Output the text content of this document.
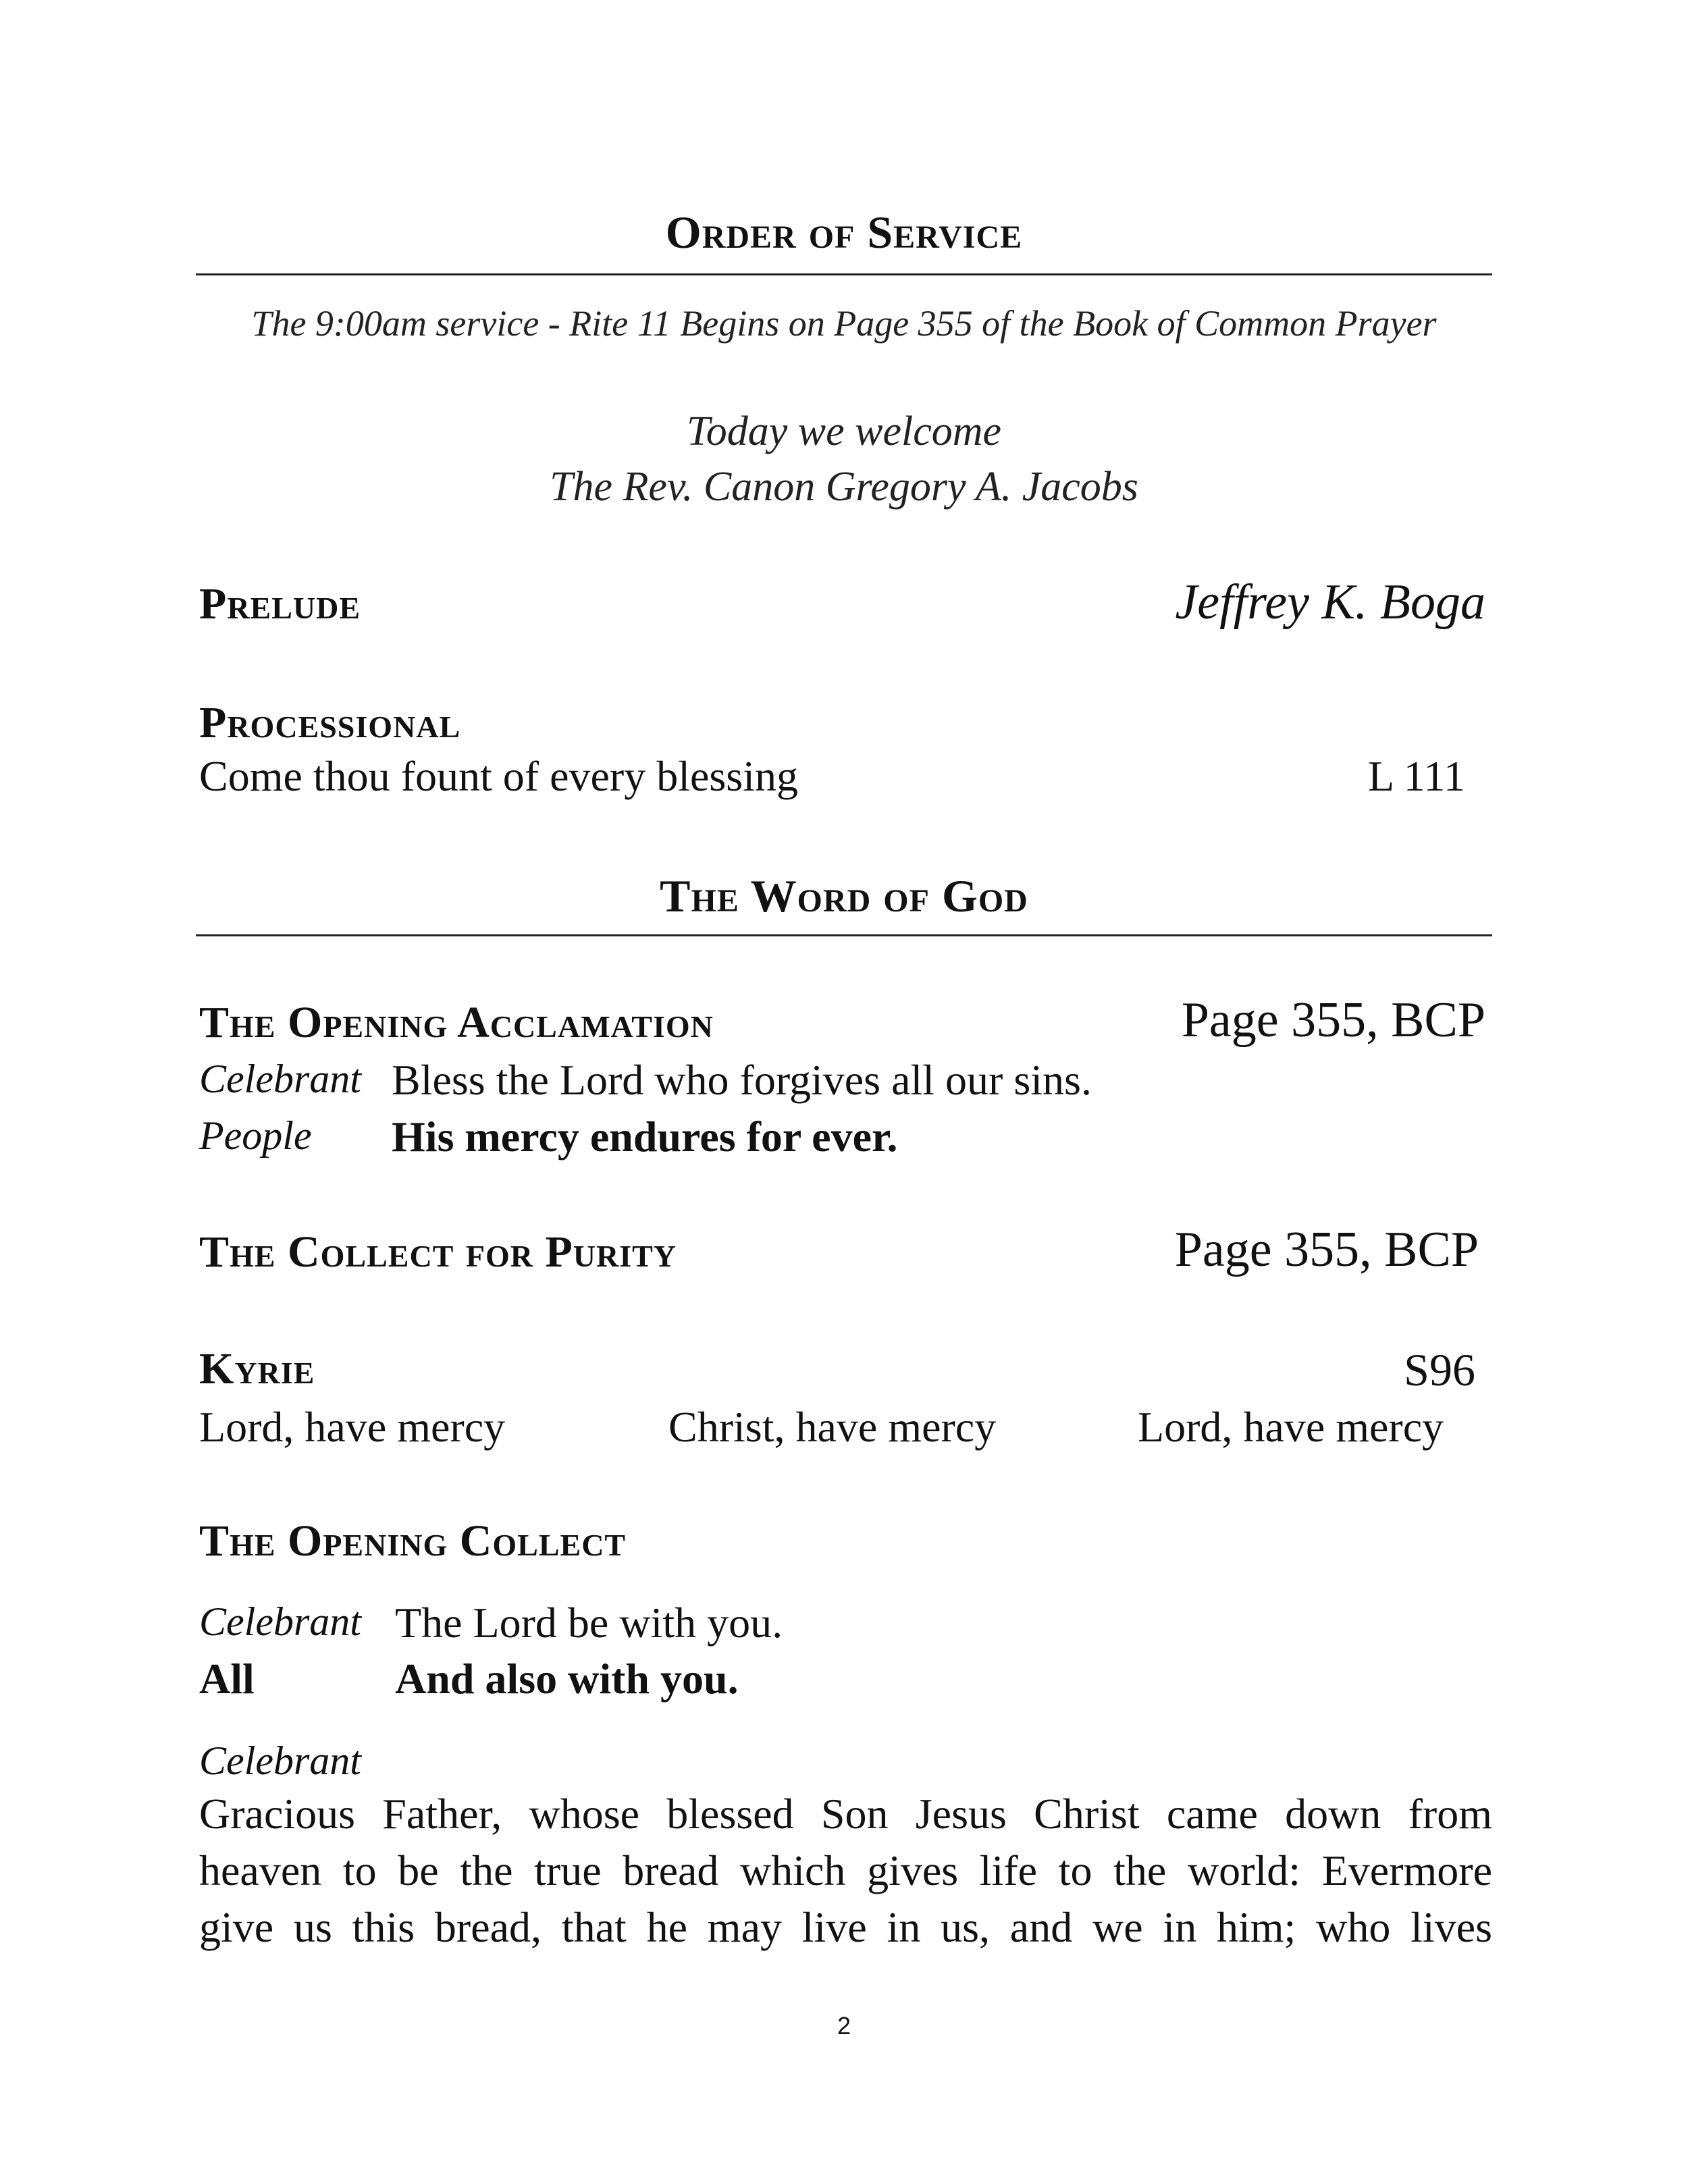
Order of Service
The 9:00am service - Rite 11 Begins on Page 355 of the Book of Common Prayer
Today we welcome
The Rev. Canon Gregory A. Jacobs
Prelude	Jeffrey K. Boga
Processional
Come thou fount of every blessing	L 111
The Word of God
The Opening Acclamation	Page 355, BCP
Celebrant Bless the Lord who forgives all our sins.
People His mercy endures for ever.
The Collect for Purity	Page 355, BCP
Kyrie	S96
Lord, have mercy	Christ, have mercy	Lord, have mercy
The Opening Collect
Celebrant The Lord be with you.
All	And also with you.
Celebrant
Gracious Father, whose blessed Son Jesus Christ came down from
heaven to be the true bread which gives life to the world: Evermore
give us this bread, that he may live in us, and we in him; who lives
2
